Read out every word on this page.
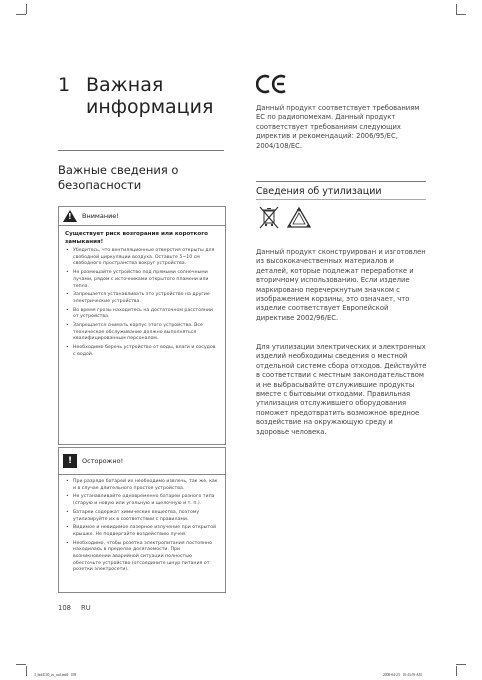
1 Важная информация
Важные сведения о безопасности
! Внимание!
Существует риск возгорания или короткого замыкания!
• Убедитесь, что вентиляционные отверстия открыты для свободной циркуляции воздуха. Оставьте 5~10 см свободного пространства вокруг устройства.
• Не размещайте устройство под прямыми солнечными лучами, рядом с источниками открытого пламени или тепла.
• Запрещается устанавливать это устройство на другие электрические устройства.
• Во время грозы находитесь на достаточном расстоянии от устройства.
• Запрещается снимать корпус этого устройства. Все техническое обслуживание должно выполняться квалифицированным персоналом.
• Необходимо беречь устройство от воды, влаги и сосудов с водой.
!	Осторожно!
• При разряде батарей их необходимо извлечь, так же, как и в случае длительного простоя устройства.
• Не устанавливайте одновременно батареи разного типа (старую и новую или угольную и щелочную и т. п.).
• Батареи содержат химические вещества, поэтому утилизируйте их в соответствии с правилами.
• Видимое и невидимое лазерное излучение при открытой крышке. Не подвергайте воздействию лучей.
• Необходимо, чтобы розетка электропитания постоянно находилась в пределах досягаемости. При возникновении аварийной ситуации полностью обесточьте устройство (отсоедините шнур питания от розетки электросети).
Данный продукт соответствует требованиям ЕС по радиопомехам. Данный продукт соответствует требованиям следующих директив и рекомендаций: 2006/95/EC, 2004/108/EC.
Сведения об утилизации
Данный продукт сконструирован и изготовлен из высококачественных материалов и деталей, которые подлежат переработке и вторичному использованию. Если изделие маркировано перечеркнутым значком с изображением корзины, это означает, что изделие соответствует Европейской директиве 2002/96/EC.
Для утилизации электрических и электронных изделий необходимы сведения о местной отдельной системе сбора отходов. Действуйте в соответствии с местным законодательством и не выбрасывайте отслужившие продукты вместе с бытовыми отходами. Правильная утилизация отслужившего оборудования поможет предотвратить возможное вредное воздействие на окружающую среду и здоровье человека.
108 RU
3_htd4140_ru_rud.indd   108	2008-04-23   10:43:59 AM
